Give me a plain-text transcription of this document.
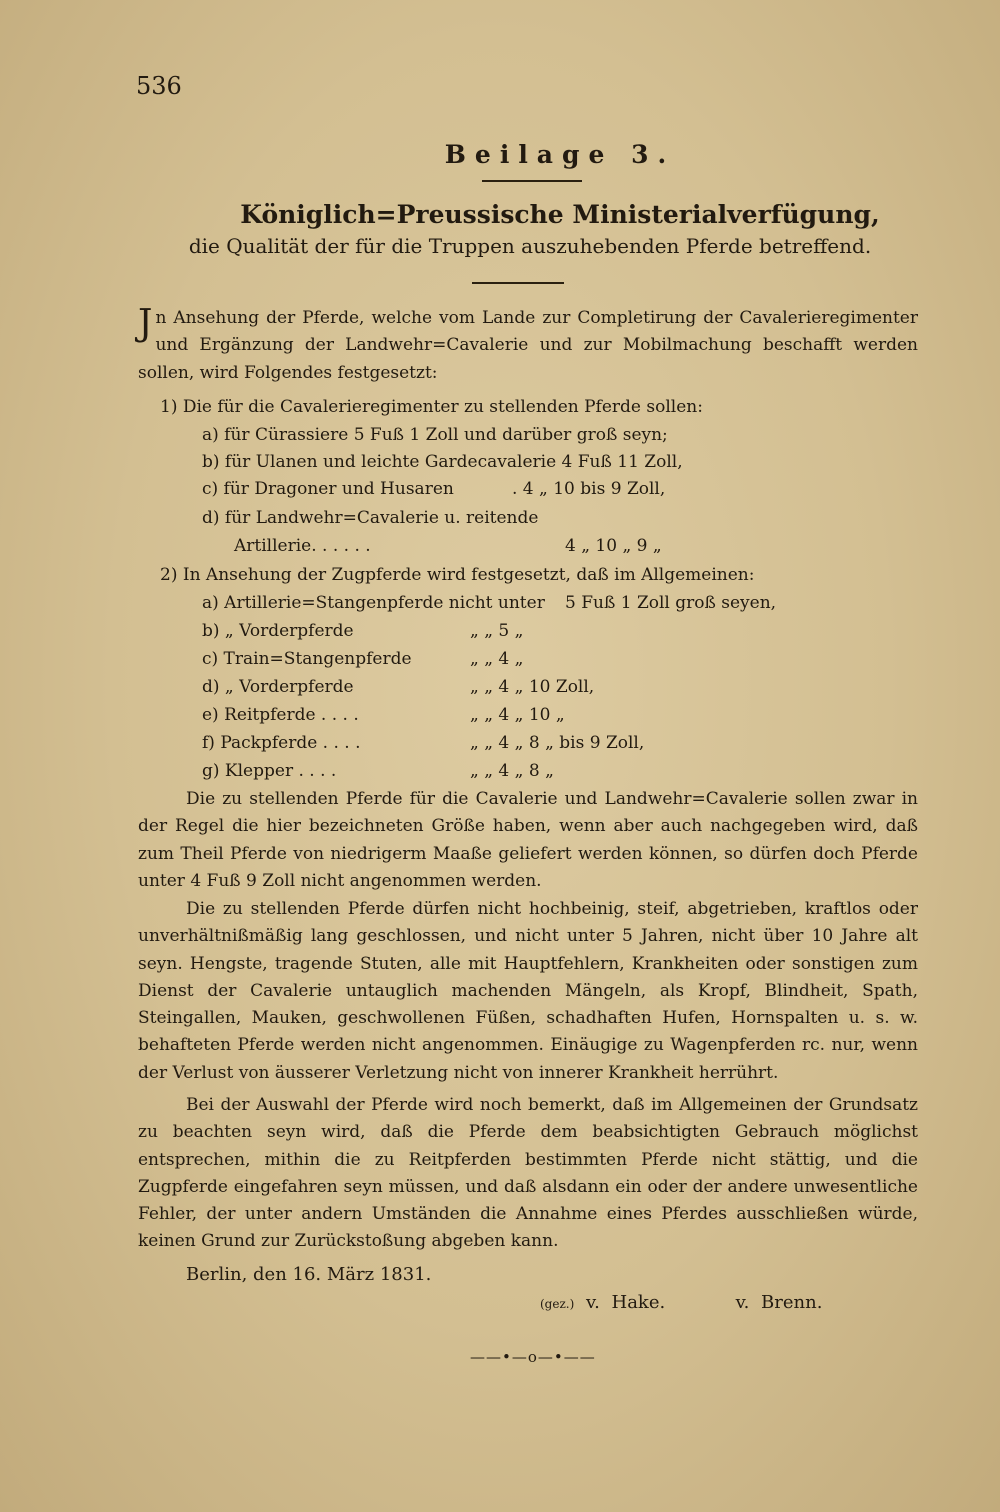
536
Beilage 3.
Königlich=Preussische Ministerialverfügung,
die Qualität der für die Truppen auszuhebenden Pferde betreffend.
Jn Ansehung der Pferde, welche vom Lande zur Completirung der Cavalerieregimenter und Ergänzung der Landwehr=Cavalerie und zur Mobilmachung beschafft werden sollen, wird Folgendes festgesetzt:
1) Die für die Cavalerieregimenter zu stellenden Pferde sollen:
a) für Cürassiere 5 Fuß 1 Zoll und darüber groß seyn;
b) für Ulanen und leichte Gardecavalerie 4 Fuß 11 Zoll,
c) für Dragoner und Husaren	. 4 „ 10 bis 9 Zoll,
d) für Landwehr=Cavalerie u. reitende
Artillerie. . . . . .	4 „ 10 „ 9 „
2) In Ansehung der Zugpferde wird festgesetzt, daß im Allgemeinen:
a) Artillerie=Stangenpferde nicht unter 5 Fuß 1 Zoll groß seyen,
b) „ Vorderpferde	„ „ 5 „
c) Train=Stangenpferde	„ „ 4 „
d) „ Vorderpferde	„ „ 4 „ 10 Zoll,
e) Reitpferde . . . .	„ „ 4 „ 10 „
f) Packpferde . . . .	„ „ 4 „ 8 „ bis 9 Zoll,
g) Klepper . . . .	„ „ 4 „ 8 „
Die zu stellenden Pferde für die Cavalerie und Landwehr=Cavalerie sollen zwar in der Regel die hier bezeichneten Größe haben, wenn aber auch nachgegeben wird, daß zum Theil Pferde von niedrigerm Maaße geliefert werden können, so dürfen doch Pferde unter 4 Fuß 9 Zoll nicht angenommen werden.
Die zu stellenden Pferde dürfen nicht hochbeinig, steif, abgetrieben, kraftlos oder unverhältnißmäßig lang geschlossen, und nicht unter 5 Jahren, nicht über 10 Jahre alt seyn. Hengste, tragende Stuten, alle mit Hauptfehlern, Krankheiten oder sonstigen zum Dienst der Cavalerie untauglich machenden Mängeln, als Kropf, Blindheit, Spath, Steingallen, Mauken, geschwollenen Füßen, schadhaften Hufen, Hornspalten u. s. w. behafteten Pferde werden nicht angenommen. Einäugige zu Wagenpferden rc. nur, wenn der Verlust von äusserer Verletzung nicht von innerer Krankheit herrührt.
Bei der Auswahl der Pferde wird noch bemerkt, daß im Allgemeinen der Grundsatz zu beachten seyn wird, daß die Pferde dem beabsichtigten Gebrauch möglichst entsprechen, mithin die zu Reitpferden bestimmten Pferde nicht stättig, und die Zugpferde eingefahren seyn müssen, und daß alsdann ein oder der andere unwesentliche Fehler, der unter andern Umständen die Annahme eines Pferdes ausschließen würde, keinen Grund zur Zurückstoßung abgeben kann.
Berlin, den 16. März 1831.
(gez.) v. Hake.	v. Brenn.
——•—o—•——
